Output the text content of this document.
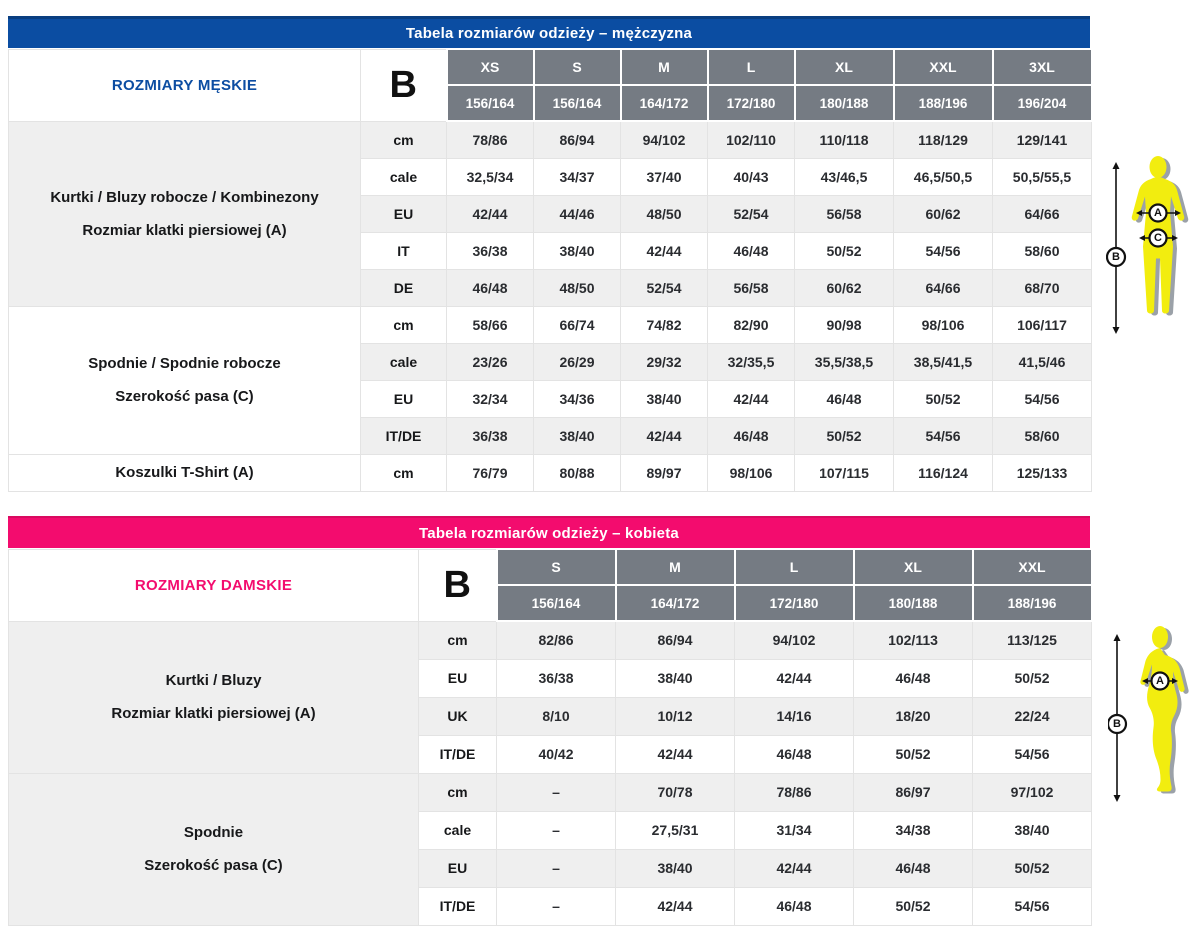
Tabela rozmiarów odzieży – mężczyzna
ROZMIARY MĘSKIE	B	XS	S	M	L	XL	XXL	3XL
		156/164	156/164	164/172	172/180	180/188	188/196	196/204

Kurtki / Bluzy robocze / Kombinezony
Rozmiar klatki piersiowej (A)	cm	78/86	86/94	94/102	102/110	110/118	118/129	129/141
	cale	32,5/34	34/37	37/40	40/43	43/46,5	46,5/50,5	50,5/55,5
	EU	42/44	44/46	48/50	52/54	56/58	60/62	64/66
	IT	36/38	38/40	42/44	46/48	50/52	54/56	58/60
	DE	46/48	48/50	52/54	56/58	60/62	64/66	68/70

Spodnie / Spodnie robocze
Szerokość pasa (C)	cm	58/66	66/74	74/82	82/90	90/98	98/106	106/117
	cale	23/26	26/29	29/32	32/35,5	35,5/38,5	38,5/41,5	41,5/46
	EU	32/34	34/36	38/40	42/44	46/48	50/52	54/56
	IT/DE	36/38	38/40	42/44	46/48	50/52	54/56	58/60

Koszulki T-Shirt (A)	cm	76/79	80/88	89/97	98/106	107/115	116/124	125/133
Tabela rozmiarów odzieży – kobieta
ROZMIARY DAMSKIE	B	S	M	L	XL	XXL
		156/164	164/172	172/180	180/188	188/196

Kurtki / Bluzy
Rozmiar klatki piersiowej (A)	cm	82/86	86/94	94/102	102/113	113/125
	EU	36/38	38/40	42/44	46/48	50/52
	UK	8/10	10/12	14/16	18/20	22/24
	IT/DE	40/42	42/44	46/48	50/52	54/56

Spodnie
Szerokość pasa (C)	cm	–	70/78	78/86	86/97	97/102
	cale	–	27,5/31	31/34	34/38	38/40
	EU	–	38/40	42/44	46/48	50/52
	IT/DE	–	42/44	46/48	50/52	54/56
A
C
B
A
B
